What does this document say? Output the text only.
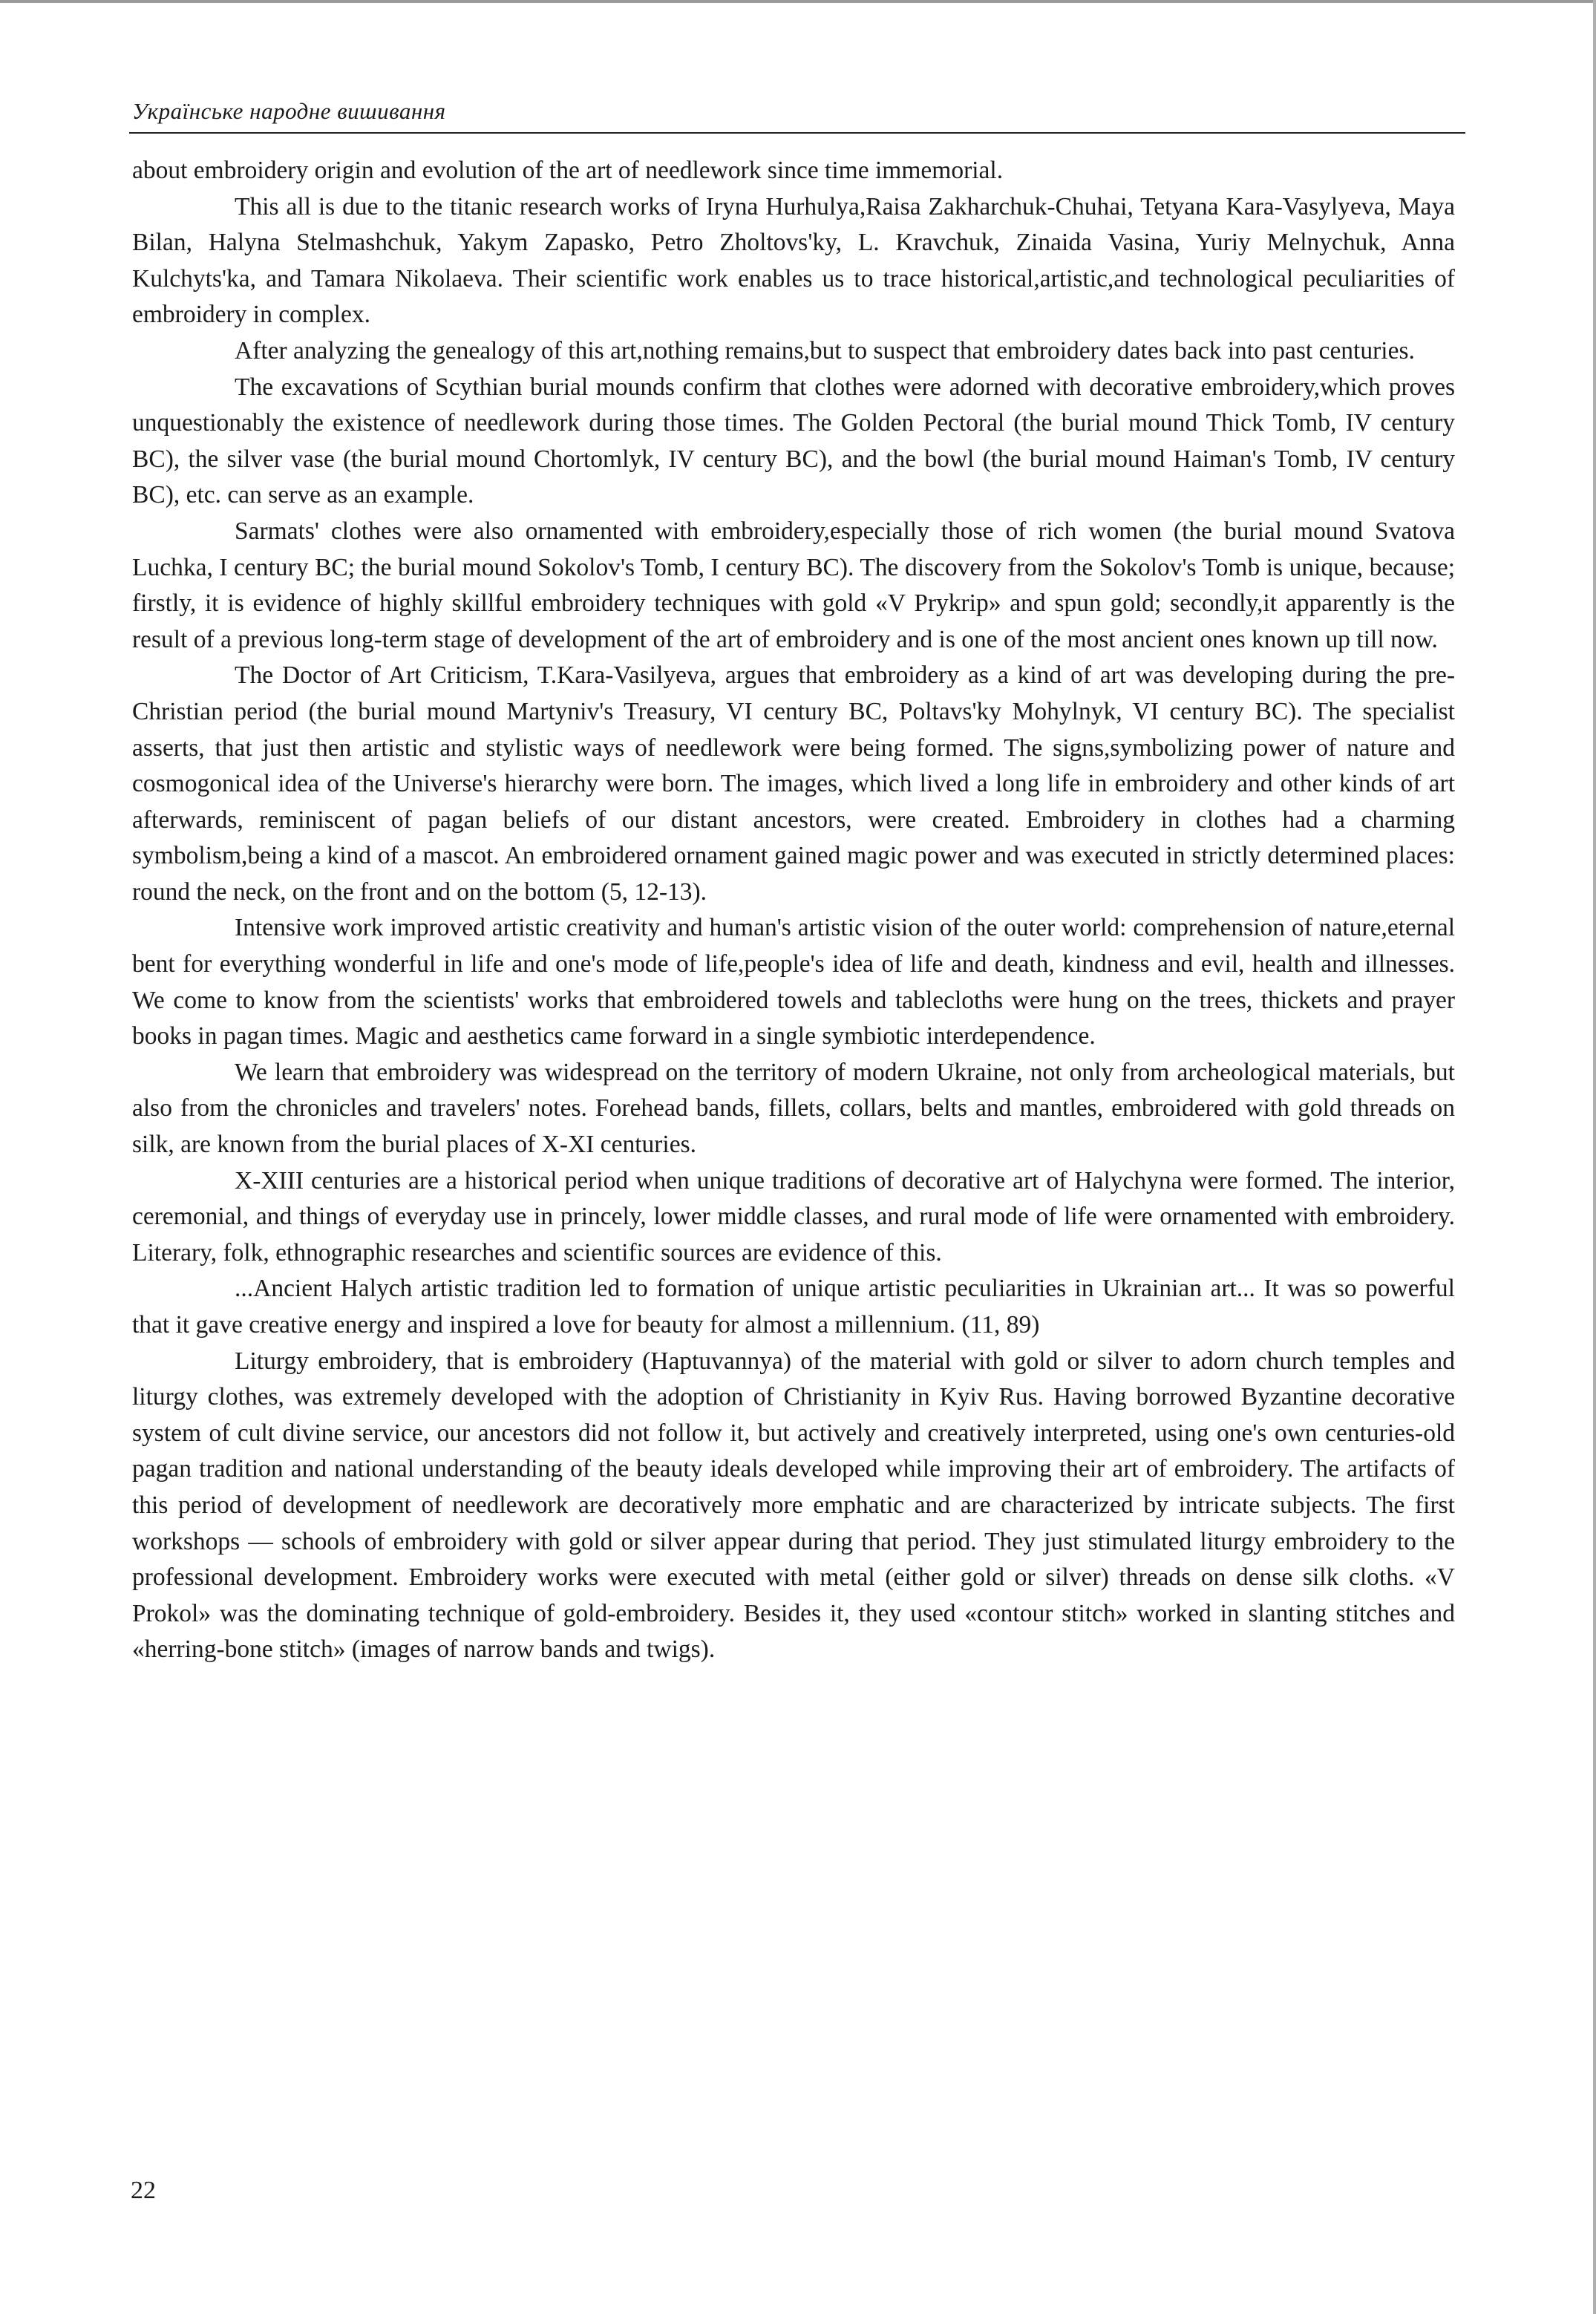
Українське народне вишивання

about embroidery origin and evolution of the art of needlework since time immemorial.

This all is due to the titanic research works of Iryna Hurhulya,Raisa Zakharchuk-Chuhai, Tetyana Kara-Vasylyeva, Maya Bilan, Halyna Stelmashchuk, Yakym Zapasko, Petro Zholtovs'ky, L. Kravchuk, Zinaida Vasina, Yuriy Melnychuk, Anna Kulchyts'ka, and Tamara Nikolaeva. Their scientific work enables us to trace historical,artistic,and technological peculiarities of embroidery in complex.

After analyzing the genealogy of this art,nothing remains,but to suspect that embroidery dates back into past centuries.

The excavations of Scythian burial mounds confirm that clothes were adorned with decorative embroidery,which proves unquestionably the existence of needlework during those times. The Golden Pectoral (the burial mound Thick Tomb, IV century BC), the silver vase (the burial mound Chortomlyk, IV century BC), and the bowl (the burial mound Haiman's Tomb, IV century BC), etc. can serve as an example.

Sarmats' clothes were also ornamented with embroidery,especially those of rich women (the burial mound Svatova Luchka, I century BC; the burial mound Sokolov's Tomb, I century BC). The discovery from the Sokolov's Tomb is unique, because; firstly, it is evidence of highly skillful embroidery techniques with gold «V Prykrip» and spun gold; secondly,it apparently is the result of a previous long-term stage of development of the art of embroidery and is one of the most ancient ones known up till now.

The Doctor of Art Criticism, T.Kara-Vasilyeva, argues that embroidery as a kind of art was developing during the pre-Christian period (the burial mound Martyniv's Treasury, VI century BC, Poltavs'ky Mohylnyk, VI century BC). The specialist asserts, that just then artistic and stylistic ways of needlework were being formed. The signs,symbolizing power of nature and cosmogonical idea of the Universe's hierarchy were born. The images, which lived a long life in embroidery and other kinds of art afterwards, reminiscent of pagan beliefs of our distant ancestors, were created. Embroidery in clothes had a charming symbolism,being a kind of a mascot. An embroidered ornament gained magic power and was executed in strictly determined places: round the neck, on the front and on the bottom (5, 12-13).

Intensive work improved artistic creativity and human's artistic vision of the outer world: comprehension of nature,eternal bent for everything wonderful in life and one's mode of life,people's idea of life and death, kindness and evil, health and illnesses. We come to know from the scientists' works that embroidered towels and tablecloths were hung on the trees, thickets and prayer books in pagan times. Magic and aesthetics came forward in a single symbiotic interdependence.

We learn that embroidery was widespread on the territory of modern Ukraine, not only from archeological materials, but also from the chronicles and travelers' notes. Forehead bands, fillets, collars, belts and mantles, embroidered with gold threads on silk, are known from the burial places of X-XI centuries.

X-XIII centuries are a historical period when unique traditions of decorative art of Halychyna were formed. The interior, ceremonial, and things of everyday use in princely, lower middle classes, and rural mode of life were ornamented with embroidery. Literary, folk, ethnographic researches and scientific sources are evidence of this.

...Ancient Halych artistic tradition led to formation of unique artistic peculiarities in Ukrainian art... It was so powerful that it gave creative energy and inspired a love for beauty for almost a millennium. (11, 89)

Liturgy embroidery, that is embroidery (Haptuvannya) of the material with gold or silver to adorn church temples and liturgy clothes, was extremely developed with the adoption of Christianity in Kyiv Rus. Having borrowed Byzantine decorative system of cult divine service, our ancestors did not follow it, but actively and creatively interpreted, using one's own centuries-old pagan tradition and national understanding of the beauty ideals developed while improving their art of embroidery. The artifacts of this period of development of needlework are decoratively more emphatic and are characterized by intricate subjects. The first workshops — schools of embroidery with gold or silver appear during that period. They just stimulated liturgy embroidery to the professional development. Embroidery works were executed with metal (either gold or silver) threads on dense silk cloths. «V Prokol» was the dominating technique of gold-embroidery. Besides it, they used «contour stitch» worked in slanting stitches and «herring-bone stitch» (images of narrow bands and twigs).

22
